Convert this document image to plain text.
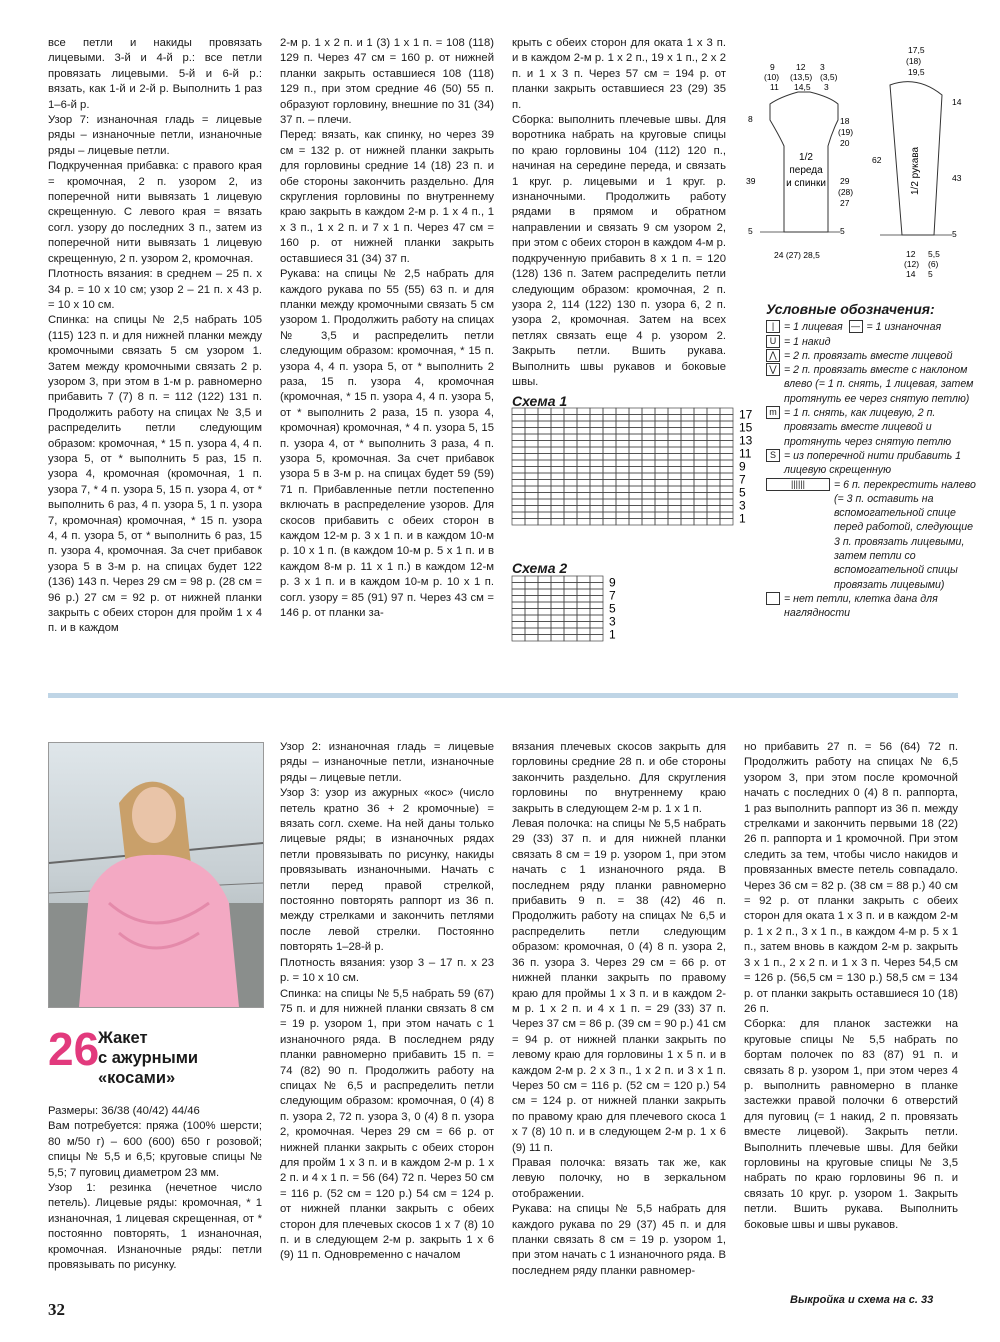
все петли и накиды провязать лицевыми. 3-й и 4-й р.: все петли провязать лицевыми. 5-й и 6-й р.: вязать, как 1-й и 2-й р. Выполнить 1 раз 1–6-й р.

Узор 7: изнаночная гладь = лицевые ряды – изнаночные петли, изнаночные ряды – лицевые петли.

Подкрученная прибавка: с правого края = кромочная, 2 п. узором 2, из поперечной нити вывязать 1 лицевую скрещенную. С левого края = вязать согл. узору до последних 3 п., затем из поперечной нити вывязать 1 лицевую скрещенную, 2 п. узором 2, кромочная.

Плотность вязания: в среднем – 25 п. х 34 р. = 10 х 10 см; узор 2 – 21 п. х 43 р. = 10 х 10 см.

Спинка: на спицы № 2,5 набрать 105 (115) 123 п. и для нижней планки между кромочными связать 5 см узором 1. Затем между кромочными связать 2 р. узором 3, при этом в 1-м р. равномерно прибавить 7 (7) 8 п. = 112 (122) 131 п. Продолжить работу на спицах № 3,5 и распределить петли следующим образом: кромочная, * 15 п. узора 4, 4 п. узора 5, от * выполнить 5 раз, 15 п. узора 4, кромочная (кромочная, 1 п. узора 7, * 4 п. узора 5, 15 п. узора 4, от * выполнить 6 раз, 4 п. узора 5, 1 п. узора 7, кромочная) кромочная, * 15 п. узора 4, 4 п. узора 5, от * выполнить 6 раз, 15 п. узора 4, кромочная. За счет прибавок узора 5 в 3-м р. на спицах будет 122 (136) 143 п. Через 29 см = 98 р. (28 см = 96 р.) 27 см = 92 р. от нижней планки закрыть с обеих сторон для пройм 1 х 4 п. и в каждом

2-м р. 1 х 2 п. и 1 (3) 1 х 1 п. = 108 (118) 129 п. Через 47 см = 160 р. от нижней планки закрыть оставшиеся 108 (118) 129 п., при этом средние 46 (50) 55 п. образуют горловину, внешние по 31 (34) 37 п. – плечи.

Перед: вязать, как спинку, но через 39 см = 132 р. от нижней планки закрыть для горловины средние 14 (18) 23 п. и обе стороны закончить раздельно. Для скругления горловины по внутреннему краю закрыть в каждом 2-м р. 1 х 4 п., 1 х 3 п., 1 х 2 п. и 7 х 1 п. Через 47 см = 160 р. от нижней планки закрыть оставшиеся 31 (34) 37 п.

Рукава: на спицы № 2,5 набрать для каждого рукава по 55 (55) 63 п. и для планки между кромочными связать 5 см узором 1. Продолжить работу на спицах № 3,5 и распределить петли следующим образом: кромочная, * 15 п. узора 4, 4 п. узора 5, от * выполнить 2 раза, 15 п. узора 4, кромочная (кромочная, * 15 п. узора 4, 4 п. узора 5, от * выполнить 2 раза, 15 п. узора 4, кромочная) кромочная, * 4 п. узора 5, 15 п. узора 4, от * выполнить 3 раза, 4 п. узора 5, кромочная. За счет прибавок узора 5 в 3-м р. на спицах будет 59 (59) 71 п. Прибавленные петли постепенно включать в распределение узоров. Для скосов прибавить с обеих сторон в каждом 12-м р. 3 х 1 п. и в каждом 10-м р. 10 х 1 п. (в каждом 10-м р. 5 х 1 п. и в каждом 8-м р. 11 х 1 п.) в каждом 12-м р. 3 х 1 п. и в каждом 10-м р. 10 х 1 п. согл. узору = 85 (91) 97 п. Через 43 см = 146 р. от планки за-

крыть с обеих сторон для оката 1 х 3 п. и в каждом 2-м р. 1 х 2 п., 19 х 1 п., 2 х 2 п. и 1 х 3 п. Через 57 см = 194 р. от планки закрыть оставшиеся 23 (29) 35 п.

Сборка: выполнить плечевые швы. Для воротника набрать на круговые спицы по краю горловины 104 (112) 120 п., начиная на середине переда, и связать 1 круг. р. лицевыми и 1 круг. р. изнаночными. Продолжить работу рядами в прямом и обратном направлении и связать 9 см узором 2, при этом с обеих сторон в каждом 4-м р. подкрученную прибавить 8 х 1 п. = 120 (128) 136 п. Затем распределить петли следующим образом: кромочная, 2 п. узора 2, 114 (122) 130 п. узора 6, 2 п. узора 2, кромочная. Затем на всех петлях связать еще 4 р. узором 2. Закрыть петли. Вшить рукава. Выполнить швы рукавов и боковые швы.

Схема 1
17
15
13
11
9
7
5
3
1
Схема 2
9
7
5
3
1
1/2
переда
и спинки
9	12 3
(10) (13,5) (3,5)
11 14,5 3
8
39
5
18
(19)
20
29
(28)
27
5
24 (27) 28,5
1/2 рукава
17,5
(18)
19,5
14
43
5
62
12
(12)
14
5,5
(6)
5
Условные обозначения:
| = 1 лицевая
— = 1 изнаночная
U = 1 накид
⋀ = 2 п. провязать вместе лицевой
⋁ = 2 п. провязать вместе с наклоном влево (= 1 п. снять, 1 лицевая, затем протянуть ее через снятую петлю)
m = 1 п. снять, как лицевую, 2 п. провязать вместе лицевой и протянуть через снятую петлю
S = из поперечной нити прибавить 1 лицевую скрещенную
||||||	= 6 п. перекрестить налево (= 3 п. оставить на вспомогательной спице перед работой, следующие 3 п. провязать лицевыми, затем петли со вспомогательной спицы провязать лицевыми)
= нет петли, клетка дана для наглядности
26
Жакет
с ажурными
«косами»

Размеры: 36/38 (40/42) 44/46

Вам потребуется: пряжа (100% шерсти; 80 м/50 г) – 600 (600) 650 г розовой; спицы № 5,5 и 6,5; круговые спицы № 5,5; 7 пуговиц диаметром 23 мм.

Узор 1: резинка (нечетное число петель). Лицевые ряды: кромочная, * 1 изнаночная, 1 лицевая скрещенная, от * постоянно повторять, 1 изнаночная, кромочная. Изнаночные ряды: петли провязывать по рисунку.

Узор 2: изнаночная гладь = лицевые ряды – изнаночные петли, изнаночные ряды – лицевые петли.

Узор 3: узор из ажурных «кос» (число петель кратно 36 + 2 кромочные) = вязать согл. схеме. На ней даны только лицевые ряды; в изнаночных рядах петли провязывать по рисунку, накиды провязывать изнаночными. Начать с петли перед правой стрелкой, постоянно повторять раппорт из 36 п. между стрелками и закончить петлями после левой стрелки. Постоянно повторять 1–28-й р.

Плотность вязания: узор 3 – 17 п. х 23 р. = 10 х 10 см.

Спинка: на спицы № 5,5 набрать 59 (67) 75 п. и для нижней планки связать 8 см = 19 р. узором 1, при этом начать с 1 изнаночного ряда. В последнем ряду планки равномерно прибавить 15 п. = 74 (82) 90 п. Продолжить работу на спицах № 6,5 и распределить петли следующим образом: кромочная, 0 (4) 8 п. узора 2, 72 п. узора 3, 0 (4) 8 п. узора 2, кромочная. Через 29 см = 66 р. от нижней планки закрыть с обеих сторон для пройм 1 х 3 п. и в каждом 2-м р. 1 х 2 п. и 4 х 1 п. = 56 (64) 72 п. Через 50 см = 116 р. (52 см = 120 р.) 54 см = 124 р. от нижней планки закрыть с обеих сторон для плечевых скосов 1 х 7 (8) 10 п. и в следующем 2-м р. закрыть 1 х 6 (9) 11 п. Одновременно с началом

вязания плечевых скосов закрыть для горловины средние 28 п. и обе стороны закончить раздельно. Для скругления горловины по внутреннему краю закрыть в следующем 2-м р. 1 х 1 п.

Левая полочка: на спицы № 5,5 набрать 29 (33) 37 п. и для нижней планки связать 8 см = 19 р. узором 1, при этом начать с 1 изнаночного ряда. В последнем ряду планки равномерно прибавить 9 п. = 38 (42) 46 п. Продолжить работу на спицах № 6,5 и распределить петли следующим образом: кромочная, 0 (4) 8 п. узора 2, 36 п. узора 3. Через 29 см = 66 р. от нижней планки закрыть по правому краю для проймы 1 х 3 п. и в каждом 2-м р. 1 х 2 п. и 4 х 1 п. = 29 (33) 37 п. Через 37 см = 86 р. (39 см = 90 р.) 41 см = 94 р. от нижней планки закрыть по левому краю для горловины 1 х 5 п. и в каждом 2-м р. 2 х 3 п., 1 х 2 п. и 3 х 1 п. Через 50 см = 116 р. (52 см = 120 р.) 54 см = 124 р. от нижней планки закрыть по правому краю для плечевого скоса 1 х 7 (8) 10 п. и в следующем 2-м р. 1 х 6 (9) 11 п.

Правая полочка: вязать так же, как левую полочку, но в зеркальном отображении.

Рукава: на спицы № 5,5 набрать для каждого рукава по 29 (37) 45 п. и для планки связать 8 см = 19 р. узором 1, при этом начать с 1 изнаночного ряда. В последнем ряду планки равномер-

но прибавить 27 п. = 56 (64) 72 п. Продолжить работу на спицах № 6,5 узором 3, при этом после кромочной начать с последних 0 (4) 8 п. раппорта, 1 раз выполнить раппорт из 36 п. между стрелками и закончить первыми 18 (22) 26 п. раппорта и 1 кромочной. При этом следить за тем, чтобы число накидов и провязанных вместе петель совпадало. Через 36 см = 82 р. (38 см = 88 р.) 40 см = 92 р. от планки закрыть с обеих сторон для оката 1 х 3 п. и в каждом 2-м р. 1 х 2 п., 3 х 1 п., в каждом 4-м р. 5 х 1 п., затем вновь в каждом 2-м р. закрыть 3 х 1 п., 2 х 2 п. и 1 х 3 п. Через 54,5 см = 126 р. (56,5 см = 130 р.) 58,5 см = 134 р. от планки закрыть оставшиеся 10 (18) 26 п.

Сборка: для планок застежки на круговые спицы № 5,5 набрать по бортам полочек по 83 (87) 91 п. и связать 8 р. узором 1, при этом через 4 р. выполнить равномерно в планке застежки правой полочки 6 отверстий для пуговиц (= 1 накид, 2 п. провязать вместе лицевой). Закрыть петли. Выполнить плечевые швы. Для бейки горловины на круговые спицы № 3,5 набрать по краю горловины 96 п. и связать 10 круг. р. узором 1. Закрыть петли. Вшить рукава. Выполнить боковые швы и швы рукавов.

Выкройка и схема на с. 33
32
